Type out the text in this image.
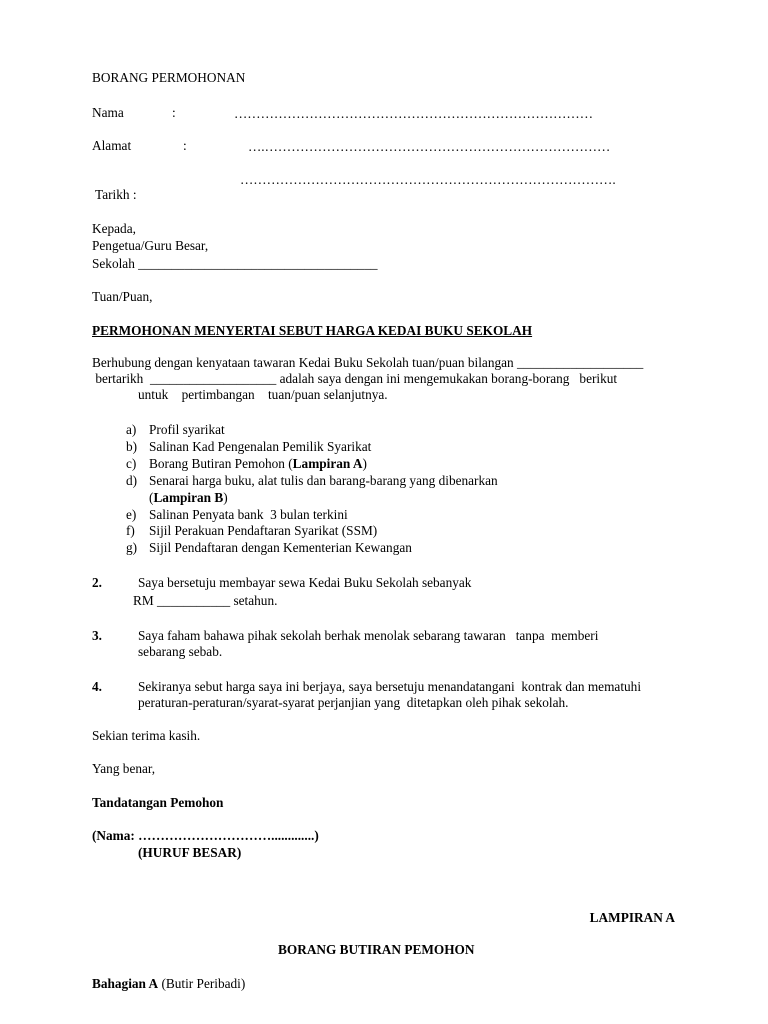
BORANG PERMOHONAN
Nama	:	………………………………………………………………………
Alamat	:	….……………………………………………………………………
………………………………………………………………………….
Tarikh :
Kepada,
Pengetua/Guru Besar,
Sekolah ____________________________________
Tuan/Puan,
PERMOHONAN MENYERTAI SEBUT HARGA KEDAI BUKU SEKOLAH
Berhubung dengan kenyataan tawaran Kedai Buku Sekolah tuan/puan bilangan ___________________
bertarikh  ___________________ adalah saya dengan ini mengemukakan borang-borang   berikut
untuk    pertimbangan    tuan/puan selanjutnya.
a) Profil syarikat
b) Salinan Kad Pengenalan Pemilik Syarikat
c) Borang Butiran Pemohon (Lampiran A)
d) Senarai harga buku, alat tulis dan barang-barang yang dibenarkan
(Lampiran B)
e) Salinan Penyata bank  3 bulan terkini
f) Sijil Perakuan Pendaftaran Syarikat (SSM)
g) Sijil Pendaftaran dengan Kementerian Kewangan
2.	Saya bersetuju membayar sewa Kedai Buku Sekolah sebanyak
RM ___________ setahun.
3.	Saya faham bahawa pihak sekolah berhak menolak sebarang tawaran   tanpa  memberi
sebarang sebab.
4.	Sekiranya sebut harga saya ini berjaya, saya bersetuju menandatangani  kontrak dan mematuhi
peraturan-peraturan/syarat-syarat perjanjian yang  ditetapkan oleh pihak sekolah.
Sekian terima kasih.
Yang benar,
Tandatangan Pemohon
(Nama: ………………………….............)
(HURUF BESAR)
LAMPIRAN A
BORANG BUTIRAN PEMOHON
Bahagian A (Butir Peribadi)
